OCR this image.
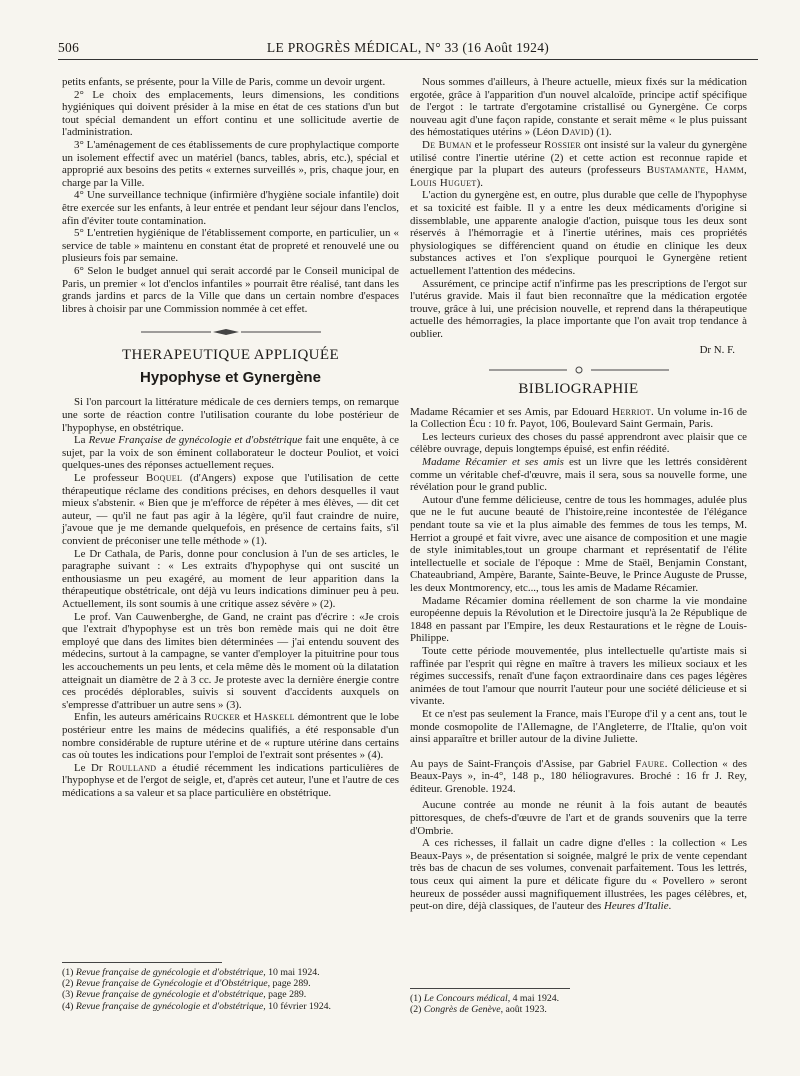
506	LE PROGRÈS MÉDICAL, N° 33 (16 Août 1924)

petits enfants, se présente, pour la Ville de Paris, comme un devoir urgent.

2° Le choix des emplacements, leurs dimensions, les conditions hygiéniques qui doivent présider à la mise en état de ces stations d'un but tout spécial demandent un effort continu et une sollicitude avertie de l'administration.

3° L'aménagement de ces établissements de cure prophylactique comporte un isolement effectif avec un matériel (bancs, tables, abris, etc.), spécial et approprié aux besoins des petits « externes surveillés », pris, chaque jour, en charge par la Ville.

4° Une surveillance technique (infirmière d'hygiène sociale infantile) doit être exercée sur les enfants, à leur entrée et pendant leur séjour dans l'enclos, afin d'éviter toute contamination.

5° L'entretien hygiénique de l'établissement comporte, en particulier, un « service de table » maintenu en constant état de propreté et renouvelé une ou plusieurs fois par semaine.

6° Selon le budget annuel qui serait accordé par le Conseil municipal de Paris, un premier « lot d'enclos infantiles » pourrait être réalisé, tant dans les grands jardins et parcs de la Ville que dans un certain nombre d'espaces libres à choisir par une Commission nommée à cet effet.

THERAPEUTIQUE APPLIQUÉE
Hypophyse et Gynergène

Si l'on parcourt la littérature médicale de ces derniers temps, on remarque une sorte de réaction contre l'utilisation courante du lobe postérieur de l'hypophyse, en obstétrique.

La Revue Française de gynécologie et d'obstétrique fait une enquête, à ce sujet, par la voix de son éminent collaborateur le docteur Pouliot, et voici quelques-unes des réponses actuellement reçues.

Le professeur Boquel (d'Angers) expose que l'utilisation de cette thérapeutique réclame des conditions précises, en dehors desquelles il vaut mieux s'abstenir. « Bien que je m'efforce de répéter à mes élèves, — dit cet auteur, — qu'il ne faut pas agir à la légère, qu'il faut craindre de nuire, j'avoue que je me demande quelquefois, en présence de certains faits, s'il convient de préconiser une telle méthode » (1).

Le Dr Cathala, de Paris, donne pour conclusion à l'un de ses articles, le paragraphe suivant : « Les extraits d'hypophyse qui ont suscité un enthousiasme un peu exagéré, au moment de leur apparition dans la thérapeutique obstétricale, ont déjà vu leurs indications diminuer peu à peu. Actuellement, ils sont soumis à une critique assez sévère » (2).

Le prof. Van Cauwenberghe, de Gand, ne craint pas d'écrire : «Je crois que l'extrait d'hypophyse est un très bon remède mais qui ne doit être employé que dans des limites bien déterminées — j'ai entendu souvent des médecins, surtout à la campagne, se vanter d'employer la pituitrine pour tous les accouchements un peu lents, et cela même dès le moment où la dilatation atteignait un diamètre de 2 à 3 cc. Je proteste avec la dernière énergie contre ces procédés déplorables, suivis si souvent d'accidents auxquels on s'empresse d'attribuer un autre sens » (3).

Enfin, les auteurs américains Rucker et Haskell démontrent que le lobe postérieur entre les mains de médecins qualifiés, a été responsable d'un nombre considérable de rupture utérine et de « rupture utérine dans certains cas où toutes les indications pour l'emploi de l'extrait sont présentes » (4).

Le Dr Roulland a étudié récemment les indications particulières de l'hypophyse et de l'ergot de seigle, et, d'après cet auteur, l'une et l'autre de ces médications a sa valeur et sa place particulière en obstétrique.

(1) Revue française de gynécologie et d'obstétrique, 10 mai 1924.
(2) Revue française de Gynécologie et d'Obstétrique, page 289.
(3) Revue française de gynécologie et d'obstétrique, page 289.
(4) Revue française de gynécologie et d'obstétrique, 10 février 1924.

Nous sommes d'ailleurs, à l'heure actuelle, mieux fixés sur la médication ergotée, grâce à l'apparition d'un nouvel alcaloïde, principe actif spécifique de l'ergot : le tartrate d'ergotamine cristallisé ou Gynergène. Ce corps nouveau agit d'une façon rapide, constante et serait même « le plus puissant des hémostatiques utérins » (Léon David) (1).

De Buman et le professeur Rossier ont insisté sur la valeur du gynergène utilisé contre l'inertie utérine (2) et cette action est reconnue rapide et énergique par la plupart des auteurs (professeurs Bustamante, Hamm, Louis Huguet).

L'action du gynergène est, en outre, plus durable que celle de l'hypophyse et sa toxicité est faible. Il y a entre les deux médicaments d'origine si dissemblable, une apparente analogie d'action, puisque tous les deux sont réservés à l'hémorragie et à l'inertie utérines, mais ces propriétés physiologiques se différencient quand on étudie en clinique les deux substances actives et l'on s'explique pourquoi le Gynergène retient actuellement l'attention des médecins.

Assurément, ce principe actif n'infirme pas les prescriptions de l'ergot sur l'utérus gravide. Mais il faut bien reconnaître que la médication ergotée trouve, grâce à lui, une précision nouvelle, et reprend dans la thérapeutique actuelle des hémorragies, la place importante que l'on avait trop tendance à oublier.

Dr N. F.
BIBLIOGRAPHIE

Madame Récamier et ses Amis, par Edouard Herriot. Un volume in-16 de la Collection Écu : 10 fr. Payot, 106, Boulevard Saint Germain, Paris.

Les lecteurs curieux des choses du passé apprendront avec plaisir que ce célèbre ouvrage, depuis longtemps épuisé, est enfin réédité.

Madame Récamier et ses amis est un livre que les lettrés considèrent comme un véritable chef-d'œuvre, mais il sera, sous sa nouvelle forme, une révélation pour le grand public.

Autour d'une femme délicieuse, centre de tous les hommages, adulée plus que ne le fut aucune beauté de l'histoire,reine incontestée de l'élégance pendant toute sa vie et la plus aimable des femmes de tous les temps, M. Herriot a groupé et fait vivre, avec une aisance de composition et une magie de style inimitables,tout un groupe charmant et représentatif de l'élite intellectuelle et sociale de l'époque : Mme de Staël, Benjamin Constant, Chateaubriand, Ampère, Barante, Sainte-Beuve, le Prince Auguste de Prusse, les deux Montmorency, etc..., tous les amis de Madame Récamier.

Madame Récamier domina réellement de son charme la vie mondaine européenne depuis la Révolution et le Directoire jusqu'à la 2e République de 1848 en passant par l'Empire, les deux Restaurations et le règne de Louis-Philippe.

Toute cette période mouvementée, plus intellectuelle qu'artiste mais si raffinée par l'esprit qui règne en maître à travers les milieux sociaux et les régimes successifs, renaît d'une façon extraordinaire dans ces pages légères animées de tout l'amour que nourrit l'auteur pour une société délicieuse et si vivante.

Et ce n'est pas seulement la France, mais l'Europe d'il y a cent ans, tout le monde cosmopolite de l'Allemagne, de l'Angleterre, de l'Italie, qu'on voit ainsi apparaître et briller autour de la divine Juliette.

Au pays de Saint-François d'Assise, par Gabriel Faure. Collection « des Beaux-Pays », in-4°, 148 p., 180 héliogravures. Broché : 16 fr J. Rey, éditeur. Grenoble. 1924.

Aucune contrée au monde ne réunit à la fois autant de beautés pittoresques, de chefs-d'œuvre de l'art et de grands souvenirs que la terre d'Ombrie.

A ces richesses, il fallait un cadre digne d'elles : la collection « Les Beaux-Pays », de présentation si soignée, malgré le prix de vente cependant très bas de chacun de ses volumes, convenait parfaitement. Tous les lettrés, tous ceux qui aiment la pure et délicate figure du « Povellero » seront heureux de posséder aussi magnifiquement illustrées, les pages célèbres, et, peut-on dire, déjà classiques, de l'auteur des Heures d'Italie.

(1) Le Concours médical, 4 mai 1924.
(2) Congrès de Genève, août 1923.
